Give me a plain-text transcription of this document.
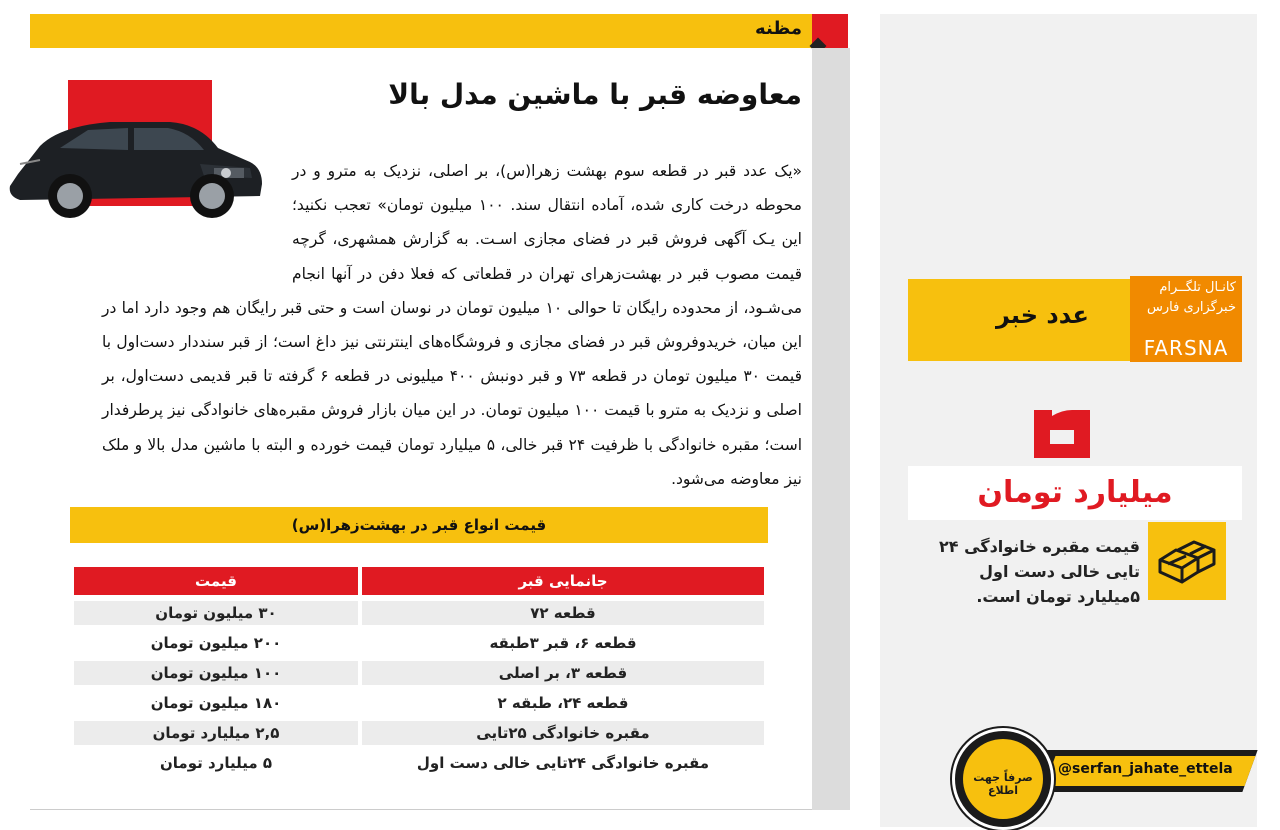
مظنه
معاوضه قبر با ماشین مدل بالا
«یک عدد قبر در قطعه سوم بهشت زهرا(س)، بر اصلی، نزدیک به مترو و در محوطه درخت کاری شده، آماده انتقال سند. ۱۰۰ میلیون تومان» تعجب نکنید؛ این یـک آگهی فروش قبر در فضای مجازی اسـت. به گزارش همشهری، گرچه قیمت مصوب قبر در بهشت‌زهرای تهران در قطعاتی که فعلا دفن در آنها انجام می‌شـود، از محدوده رایگان تا حوالی ۱۰ میلیون تومان در نوسان است و حتی قبر رایگان هم وجود دارد اما در این میان، خریدوفروش قبر در فضای مجازی و فروشگاه‌های اینترنتی نیز داغ است؛ از قبر سنددار دست‌اول با قیمت ۳۰ میلیون تومان در قطعه ۷۳ و قبر دونبش ۴۰۰ میلیونی در قطعه ۶ گرفته تا قبر قدیمی دست‌اول، بر اصلی و نزدیک به مترو با قیمت ۱۰۰ میلیون تومان. در این میان بازار فروش مقبره‌های خانوادگی نیز پرطرفدار است؛ مقبره خانوادگی با ظرفیت ۲۴ قبر خالی، ۵ میلیارد تومان قیمت خورده و البته با ماشین مدل بالا و ملک نیز معاوضه می‌شود.
قیمت انواع قبر در بهشت‌زهرا(س)
جانمایی قبر	قیمت
قطعه ۷۲	۳۰ میلیون تومان
قطعه ۶، قبر ۳طبقه	۲۰۰ میلیون تومان
قطعه ۳، بر اصلی	۱۰۰ میلیون تومان
قطعه ۲۴، طبقه ۲	۱۸۰ میلیون تومان
مقبره خانوادگی ۲۵تایی	۲,۵ میلیارد تومان
مقبره خانوادگی ۲۴تایی خالی دست اول	۵ میلیارد تومان
عدد خبر
کانـال تلگــرام
خبرگزاری فارس
FARSNA
میلیارد تومان
قیمت مقبره خانوادگی ۲۴ تایی خالی دست اول ۵میلیارد تومان است.
@serfan_jahate_ettela
صرفاً جهت اطلاع
